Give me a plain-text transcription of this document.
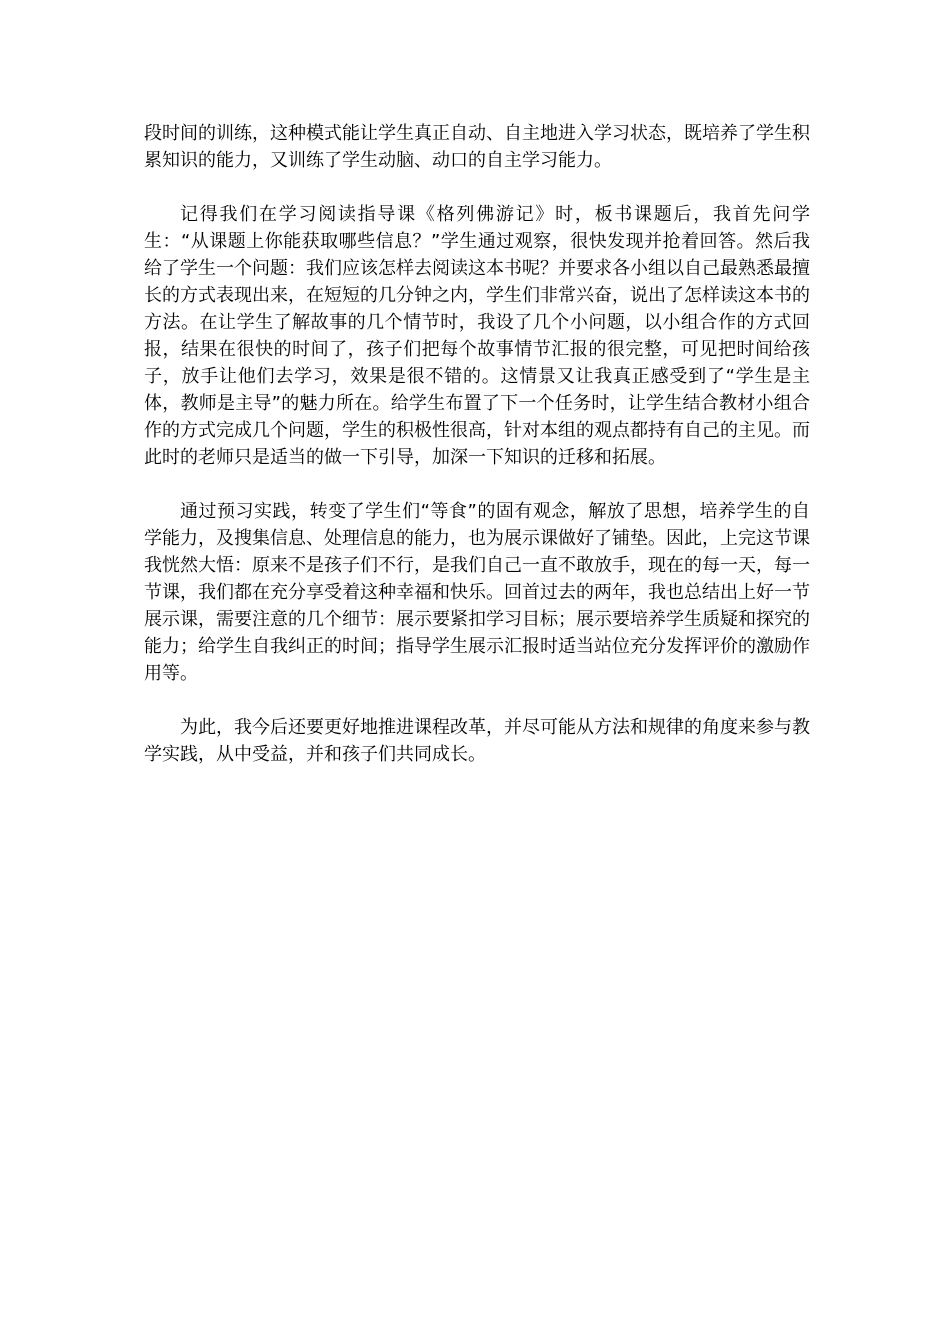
段时间的训练，这种模式能让学生真正自动、自主地进入学习状态，既培养了学生积累知识的能力，又训练了学生动脑、动口的自主学习能力。

记得我们在学习阅读指导课《格列佛游记》时，板书课题后，我首先问学生：“从课题上你能获取哪些信息？”学生通过观察，很快发现并抢着回答。然后我给了学生一个问题：我们应该怎样去阅读这本书呢？并要求各小组以自己最熟悉最擅长的方式表现出来，在短短的几分钟之内，学生们非常兴奋，说出了怎样读这本书的方法。在让学生了解故事的几个情节时，我设了几个小问题，以小组合作的方式回报，结果在很快的时间了，孩子们把每个故事情节汇报的很完整，可见把时间给孩子，放手让他们去学习，效果是很不错的。这情景又让我真正感受到了“学生是主体，教师是主导”的魅力所在。给学生布置了下一个任务时，让学生结合教材小组合作的方式完成几个问题，学生的积极性很高，针对本组的观点都持有自己的主见。而此时的老师只是适当的做一下引导，加深一下知识的迁移和拓展。

通过预习实践，转变了学生们“等食”的固有观念，解放了思想，培养学生的自学能力，及搜集信息、处理信息的能力，也为展示课做好了铺垫。因此，上完这节课我恍然大悟：原来不是孩子们不行，是我们自己一直不敢放手，现在的每一天，每一节课，我们都在充分享受着这种幸福和快乐。回首过去的两年，我也总结出上好一节展示课，需要注意的几个细节：展示要紧扣学习目标；展示要培养学生质疑和探究的能力；给学生自我纠正的时间；指导学生展示汇报时适当站位充分发挥评价的激励作用等。

为此，我今后还要更好地推进课程改革，并尽可能从方法和规律的角度来参与教学实践，从中受益，并和孩子们共同成长。
